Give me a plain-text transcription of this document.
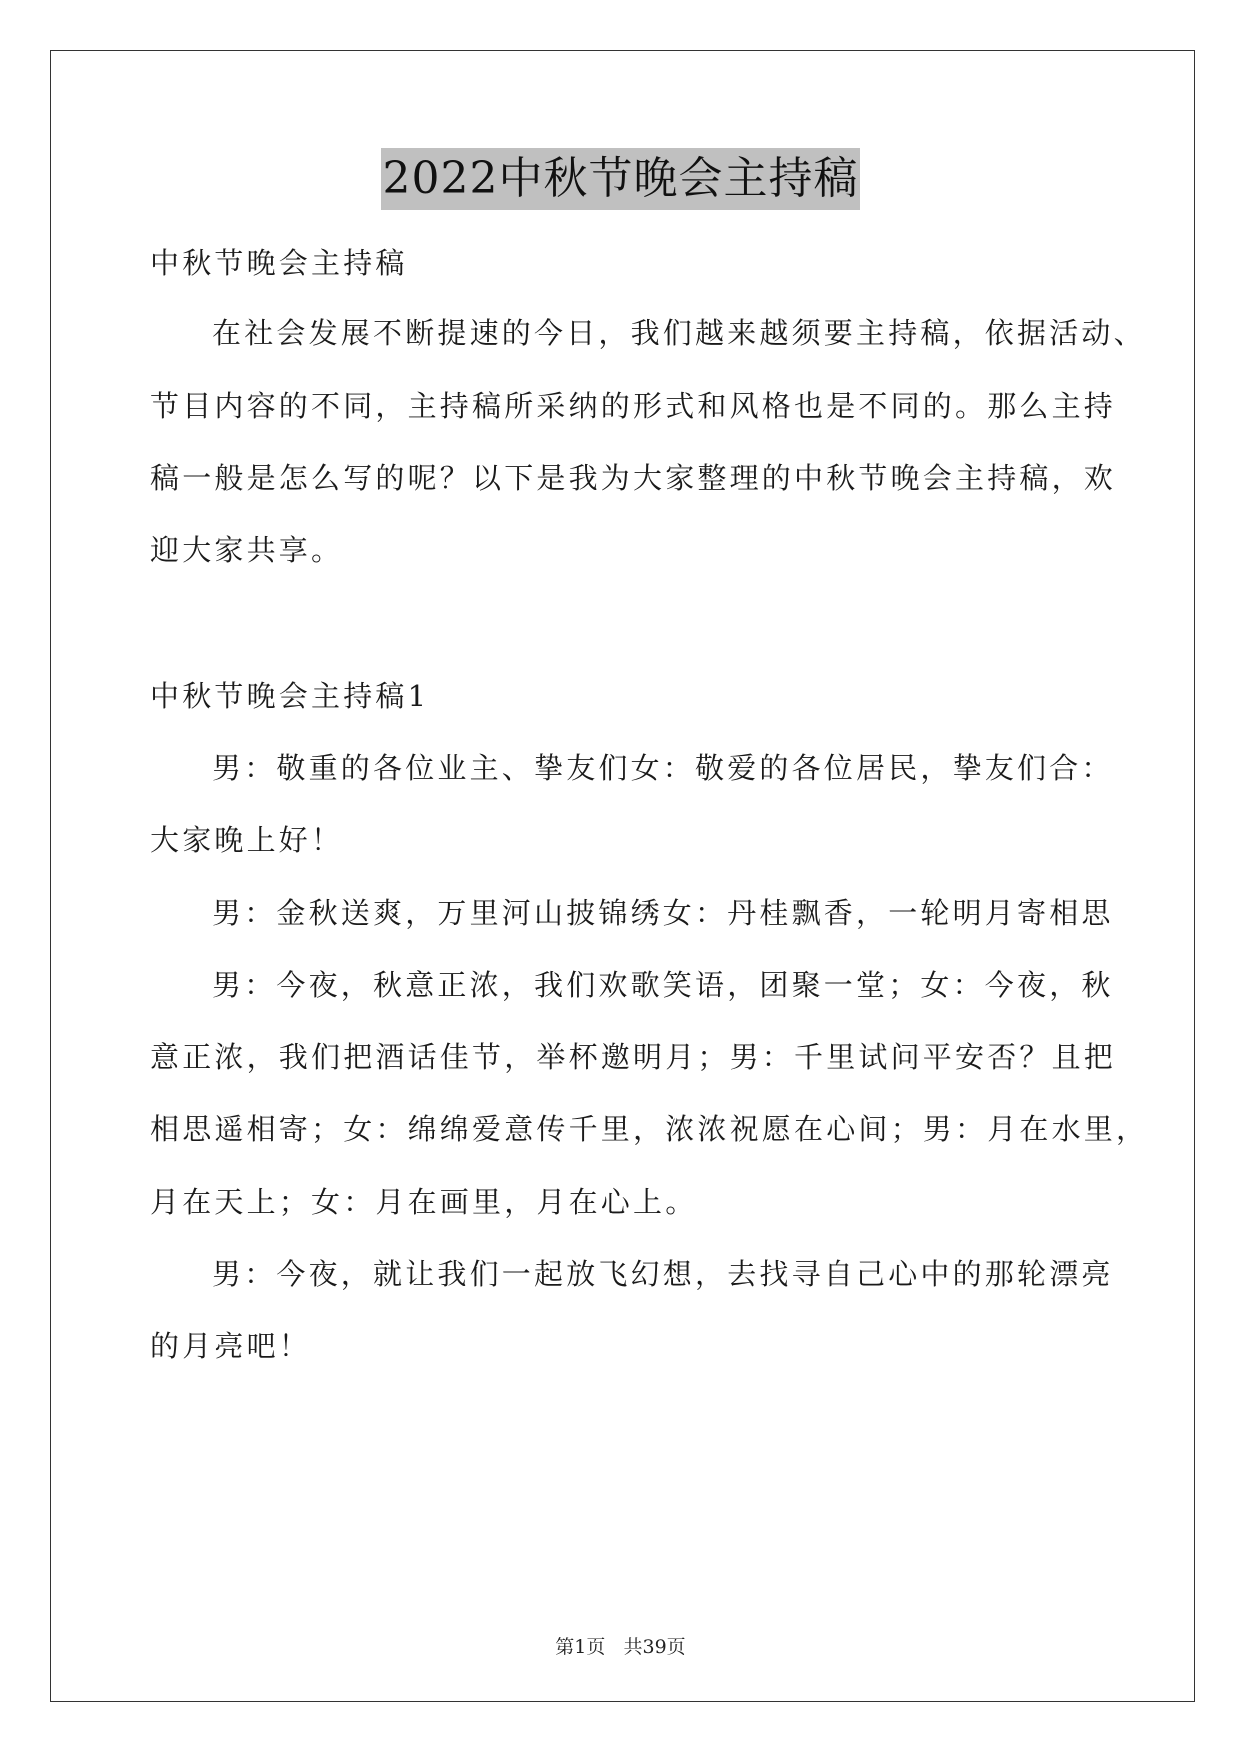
2022中秋节晚会主持稿
中秋节晚会主持稿
在社会发展不断提速的今日，我们越来越须要主持稿，依据活动、
节目内容的不同，主持稿所采纳的形式和风格也是不同的。那么主持
稿一般是怎么写的呢？以下是我为大家整理的中秋节晚会主持稿，欢
迎大家共享。
中秋节晚会主持稿1
男：敬重的各位业主、挚友们女：敬爱的各位居民，挚友们合：
大家晚上好！
男：金秋送爽，万里河山披锦绣女：丹桂飘香，一轮明月寄相思
男：今夜，秋意正浓，我们欢歌笑语，团聚一堂；女：今夜，秋
意正浓，我们把酒话佳节，举杯邀明月；男：千里试问平安否？且把
相思遥相寄；女：绵绵爱意传千里，浓浓祝愿在心间；男：月在水里，
月在天上；女：月在画里，月在心上。
男：今夜，就让我们一起放飞幻想，去找寻自己心中的那轮漂亮
的月亮吧！
第1页   共39页
